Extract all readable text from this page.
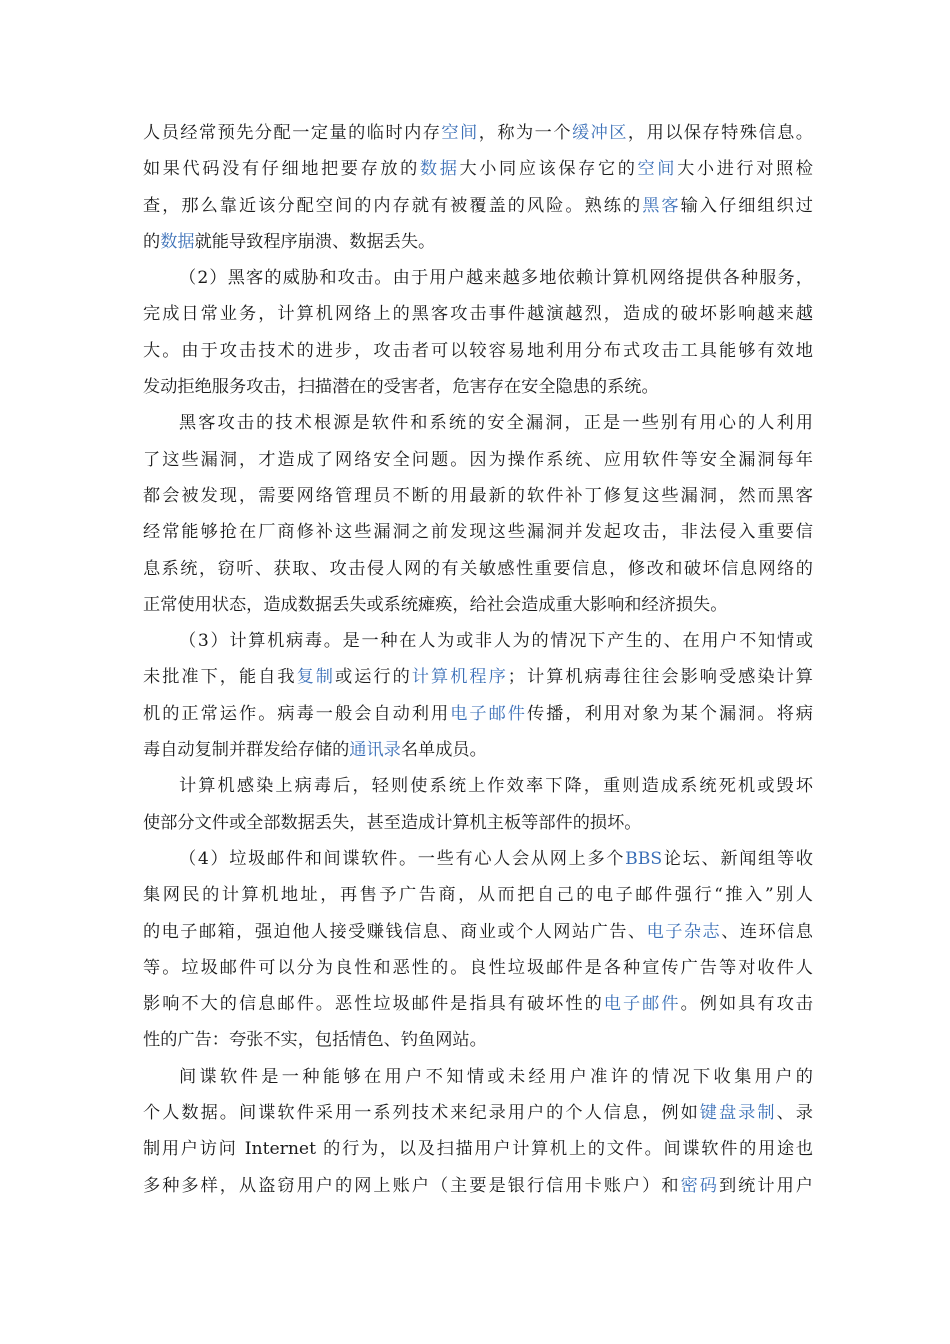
人员经常预先分配一定量的临时内存空间，称为一个缓冲区，用以保存特殊信息。
如果代码没有仔细地把要存放的数据大小同应该保存它的空间大小进行对照检
查，那么靠近该分配空间的内存就有被覆盖的风险。熟练的黑客输入仔细组织过
的数据就能导致程序崩溃、数据丢失。
（2）黑客的威胁和攻击。由于用户越来越多地依赖计算机网络提供各种服务，
完成日常业务，计算机网络上的黑客攻击事件越演越烈，造成的破坏影响越来越
大。由于攻击技术的进步，攻击者可以较容易地利用分布式攻击工具能够有效地
发动拒绝服务攻击，扫描潜在的受害者，危害存在安全隐患的系统。
黑客攻击的技术根源是软件和系统的安全漏洞，正是一些别有用心的人利用
了这些漏洞，才造成了网络安全问题。因为操作系统、应用软件等安全漏洞每年
都会被发现，需要网络管理员不断的用最新的软件补丁修复这些漏洞，然而黑客
经常能够抢在厂商修补这些漏洞之前发现这些漏洞并发起攻击，非法侵入重要信
息系统，窃听、获取、攻击侵人网的有关敏感性重要信息，修改和破坏信息网络的
正常使用状态，造成数据丢失或系统瘫痪，给社会造成重大影响和经济损失。
（3）计算机病毒。是一种在人为或非人为的情况下产生的、在用户不知情或
未批准下，能自我复制或运行的计算机程序；计算机病毒往往会影响受感染计算
机的正常运作。病毒一般会自动利用电子邮件传播，利用对象为某个漏洞。将病
毒自动复制并群发给存储的通讯录名单成员。
计算机感染上病毒后，轻则使系统上作效率下降，重则造成系统死机或毁坏
使部分文件或全部数据丢失，甚至造成计算机主板等部件的损坏。
（4）垃圾邮件和间谍软件。一些有心人会从网上多个BBS论坛、新闻组等收
集网民的计算机地址，再售予广告商，从而把自己的电子邮件强行“推入”别人
的电子邮箱，强迫他人接受赚钱信息、商业或个人网站广告、电子杂志、连环信息
等。垃圾邮件可以分为良性和恶性的。良性垃圾邮件是各种宣传广告等对收件人
影响不大的信息邮件。恶性垃圾邮件是指具有破坏性的电子邮件。例如具有攻击
性的广告：夸张不实，包括情色、钓鱼网站。
间谍软件是一种能够在用户不知情或未经用户准许的情况下收集用户的
个人数据。间谍软件采用一系列技术来纪录用户的个人信息，例如键盘录制、录
制用户访问 Internet 的行为，以及扫描用户计算机上的文件。间谍软件的用途也
多种多样，从盗窃用户的网上账户（主要是银行信用卡账户）和密码到统计用户
